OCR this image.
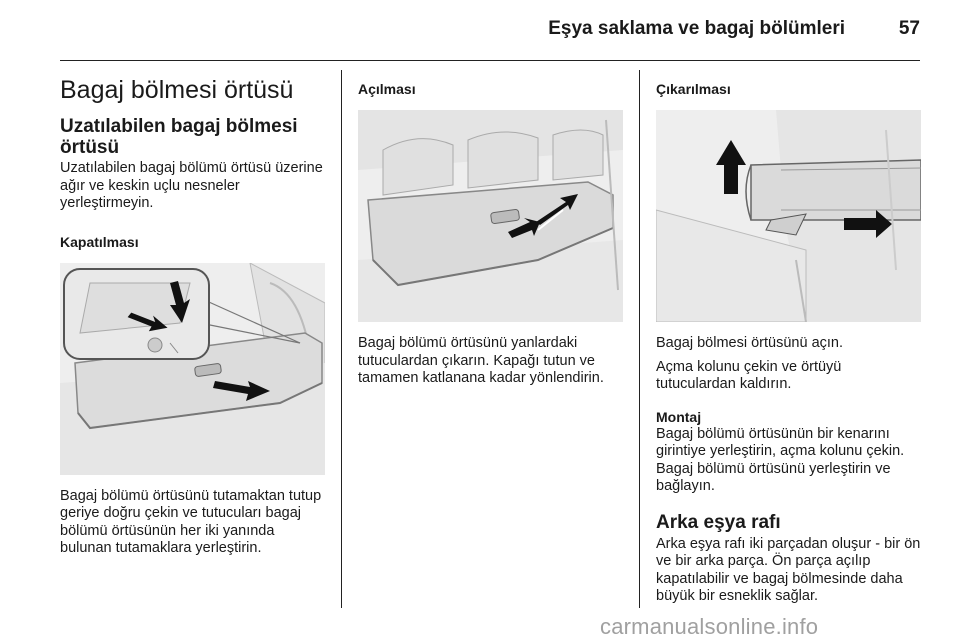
Eşya saklama ve bagaj bölümleri	57
Bagaj bölmesi örtüsü
Uzatılabilen bagaj bölmesi örtüsü

Uzatılabilen bagaj bölümü örtüsü üzerine ağır ve keskin uçlu nesneler yerleştirmeyin.

Kapatılması

Bagaj bölümü örtüsünü tutamaktan tutup geriye doğru çekin ve tutucuları bagaj bölümü örtüsünün her iki yanında bulunan tutamaklara yerleştirin.

Açılması

Bagaj bölümü örtüsünü yanlardaki tutuculardan çıkarın. Kapağı tutun ve tamamen katlanana kadar yönlendirin.

Çıkarılması

Bagaj bölmesi örtüsünü açın.

Açma kolunu çekin ve örtüyü tutuculardan kaldırın.

Montaj

Bagaj bölümü örtüsünün bir kenarını girintiye yerleştirin, açma kolunu çekin. Bagaj bölümü örtüsünü yerleştirin ve bağlayın.

Arka eşya rafı

Arka eşya rafı iki parçadan oluşur - bir ön ve bir arka parça. Ön parça açılıp kapatılabilir ve bagaj bölmesinde daha büyük bir esneklik sağlar.

carmanualsonline.info
